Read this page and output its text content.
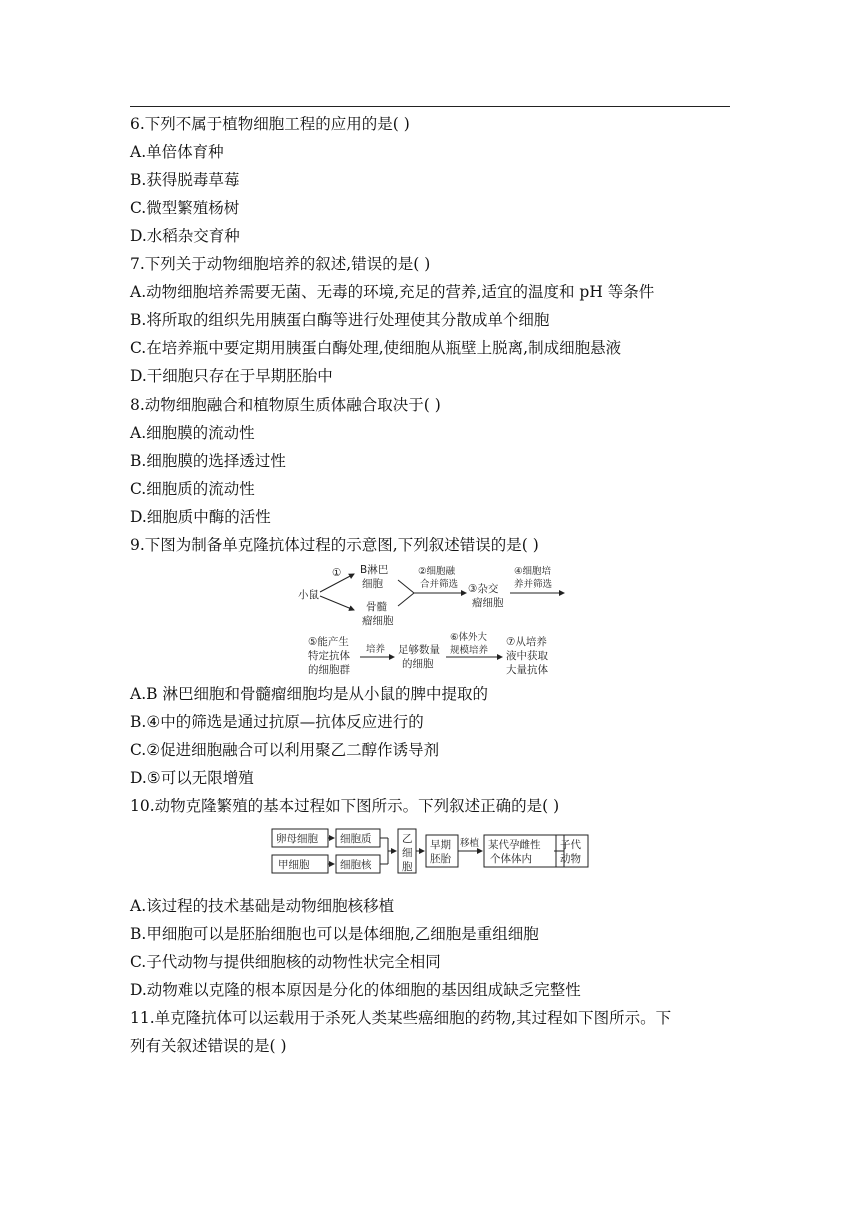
6.下列不属于植物细胞工程的应用的是( )
A.单倍体育种
B.获得脱毒草莓
C.微型繁殖杨树
D.水稻杂交育种
7.下列关于动物细胞培养的叙述,错误的是( )
A.动物细胞培养需要无菌、无毒的环境,充足的营养,适宜的温度和 pH 等条件
B.将所取的组织先用胰蛋白酶等进行处理使其分散成单个细胞
C.在培养瓶中要定期用胰蛋白酶处理,使细胞从瓶壁上脱离,制成细胞悬液
D.干细胞只存在于早期胚胎中
8.动物细胞融合和植物原生质体融合取决于( )
A.细胞膜的流动性
B.细胞膜的选择透过性
C.细胞质的流动性
D.细胞质中酶的活性
9.下图为制备单克隆抗体过程的示意图,下列叙述错误的是( )
小鼠
① B淋巴
细胞
骨髓
瘤细胞
②细胞融
合并筛选 ③杂交
瘤细胞
④细胞培
养并筛选
⑤能产生
特定抗体
的细胞群
培养 足够数量
的细胞
⑥体外大
规模培养
⑦从培养
液中获取
大量抗体
A.B 淋巴细胞和骨髓瘤细胞均是从小鼠的脾中提取的
B.④中的筛选是通过抗原—抗体反应进行的
C.②促进细胞融合可以利用聚乙二醇作诱导剂
D.⑤可以无限增殖
10.动物克隆繁殖的基本过程如下图所示。下列叙述正确的是( )
卵母细胞
甲细胞
细胞质
细胞核
乙
细
胞
早期
胚胎
移植 某代孕雌性
个体体内
子代
动物
A.该过程的技术基础是动物细胞核移植
B.甲细胞可以是胚胎细胞也可以是体细胞,乙细胞是重组细胞
C.子代动物与提供细胞核的动物性状完全相同
D.动物难以克隆的根本原因是分化的体细胞的基因组成缺乏完整性
11.单克隆抗体可以运载用于杀死人类某些癌细胞的药物,其过程如下图所示。下
列有关叙述错误的是( )
